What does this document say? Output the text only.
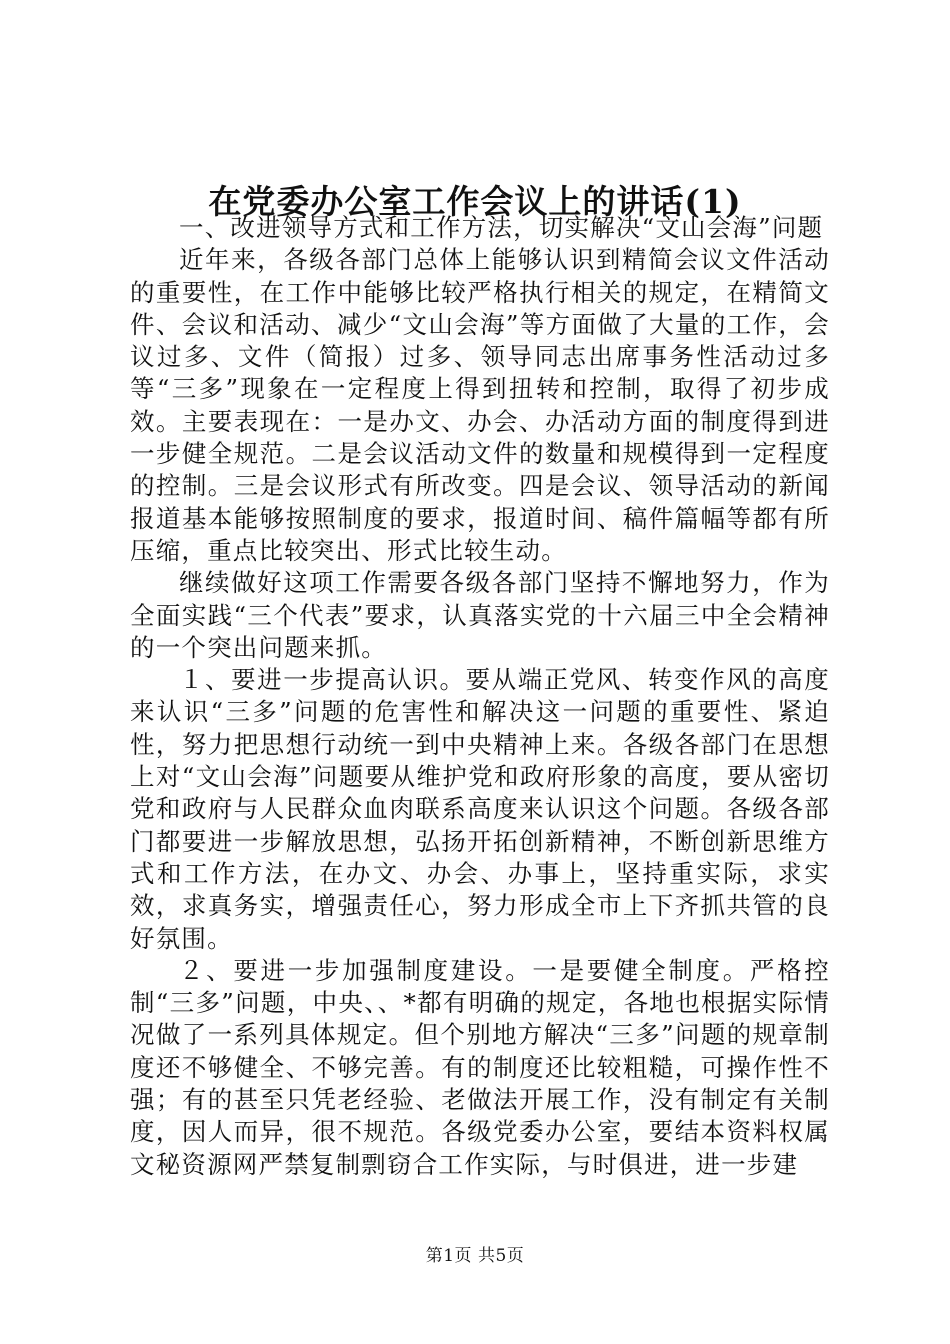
在党委办公室工作会议上的讲话(1)

一、改进领导方式和工作方法，切实解决“文山会海”问题

近年来，各级各部门总体上能够认识到精简会议文件活动的重要性，在工作中能够比较严格执行相关的规定，在精简文件、会议和活动、减少“文山会海”等方面做了大量的工作，会议过多、文件（简报）过多、领导同志出席事务性活动过多等“三多”现象在一定程度上得到扭转和控制，取得了初步成效。主要表现在：一是办文、办会、办活动方面的制度得到进一步健全规范。二是会议活动文件的数量和规模得到一定程度的控制。三是会议形式有所改变。四是会议、领导活动的新闻报道基本能够按照制度的要求，报道时间、稿件篇幅等都有所压缩，重点比较突出、形式比较生动。

继续做好这项工作需要各级各部门坚持不懈地努力，作为全面实践“三个代表”要求，认真落实党的十六届三中全会精神的一个突出问题来抓。

１、要进一步提高认识。要从端正党风、转变作风的高度来认识“三多”问题的危害性和解决这一问题的重要性、紧迫性，努力把思想行动统一到中央精神上来。各级各部门在思想上对“文山会海”问题要从维护党和政府形象的高度，要从密切党和政府与人民群众血肉联系高度来认识这个问题。各级各部门都要进一步解放思想，弘扬开拓创新精神，不断创新思维方式和工作方法，在办文、办会、办事上，坚持重实际，求实效，求真务实，增强责任心，努力形成全市上下齐抓共管的良好氛围。

２、要进一步加强制度建设。一是要健全制度。严格控制“三多”问题，中央、、*都有明确的规定，各地也根据实际情况做了一系列具体规定。但个别地方解决“三多”问题的规章制度还不够健全、不够完善。有的制度还比较粗糙，可操作性不强；有的甚至只凭老经验、老做法开展工作，没有制定有关制度，因人而异，很不规范。各级党委办公室，要结本资料权属文秘资源网严禁复制剽窃合工作实际，与时俱进，进一步建

第1页 共5页
